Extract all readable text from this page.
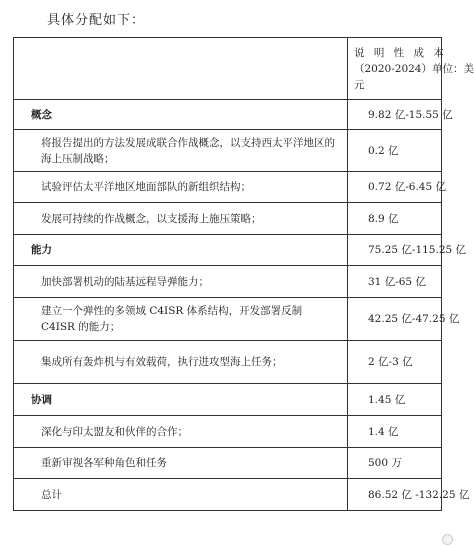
具体分配如下：

	说 明 性 成 本
（2020-2024）单位：美
元

概念	9.82 亿-15.55 亿
将报告提出的方法发展成联合作战概念，以支持西太平洋地区的海上压制战略；	0.2 亿
试验评估太平洋地区地面部队的新组织结构；	0.72 亿-6.45 亿
发展可持续的作战概念，以支援海上施压策略；	8.9 亿
能力	75.25 亿-115.25 亿
加快部署机动的陆基远程导弹能力；	31 亿-65 亿
建立一个弹性的多领域 C4ISR 体系结构，开发部署反制 C4ISR 的能力；	42.25 亿-47.25 亿
集成所有轰炸机与有效载荷，执行进攻型海上任务；	2 亿-3 亿
协调	1.45 亿
深化与印太盟友和伙伴的合作；	1.4 亿
重新审视各军种角色和任务	500 万
总计	86.52 亿 -132.25 亿
